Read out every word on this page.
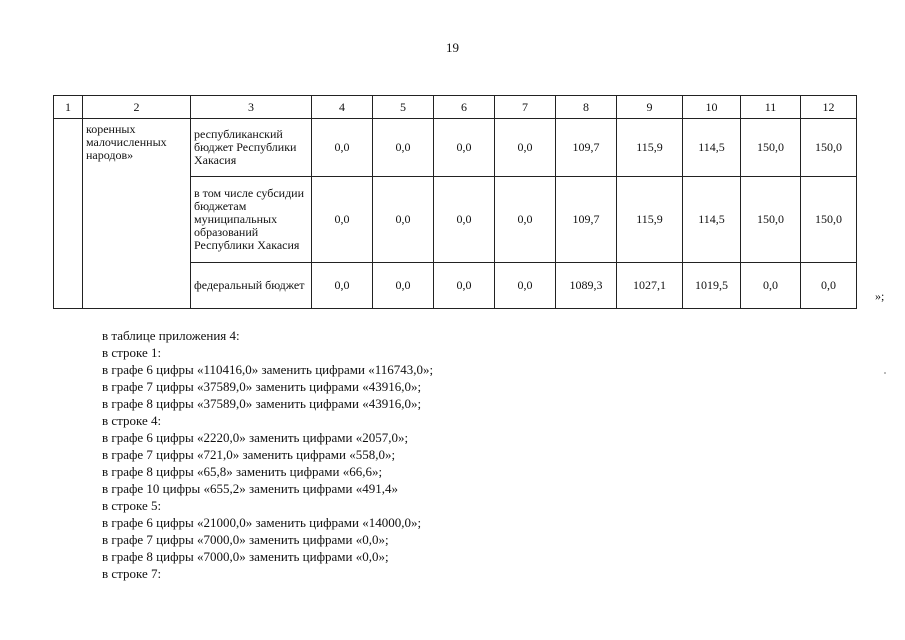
19
1	2	3	4	5	6	7	8	9	10	11	12
	коренных малочисленных народов»	республиканский бюджет Республики Хакасия	0,0	0,0	0,0	0,0	109,7	115,9	114,5	150,0	150,0
		в том числе субсидии бюджетам муниципальных образований Республики Хакасия	0,0	0,0	0,0	0,0	109,7	115,9	114,5	150,0	150,0
		федеральный бюджет	0,0	0,0	0,0	0,0	1089,3	1027,1	1019,5	0,0	0,0
»;
в таблице приложения 4:
в строке 1:
в графе 6 цифры «110416,0» заменить цифрами «116743,0»;
в графе 7 цифры «37589,0» заменить цифрами «43916,0»;
в графе 8 цифры «37589,0» заменить цифрами «43916,0»;
в строке 4:
в графе 6 цифры «2220,0» заменить цифрами «2057,0»;
в графе 7 цифры «721,0» заменить цифрами «558,0»;
в графе 8 цифры «65,8» заменить цифрами «66,6»;
в графе 10 цифры «655,2» заменить цифрами «491,4»
в строке 5:
в графе 6 цифры «21000,0» заменить цифрами «14000,0»;
в графе 7 цифры «7000,0» заменить цифрами «0,0»;
в графе 8 цифры «7000,0» заменить цифрами «0,0»;
в строке 7:
